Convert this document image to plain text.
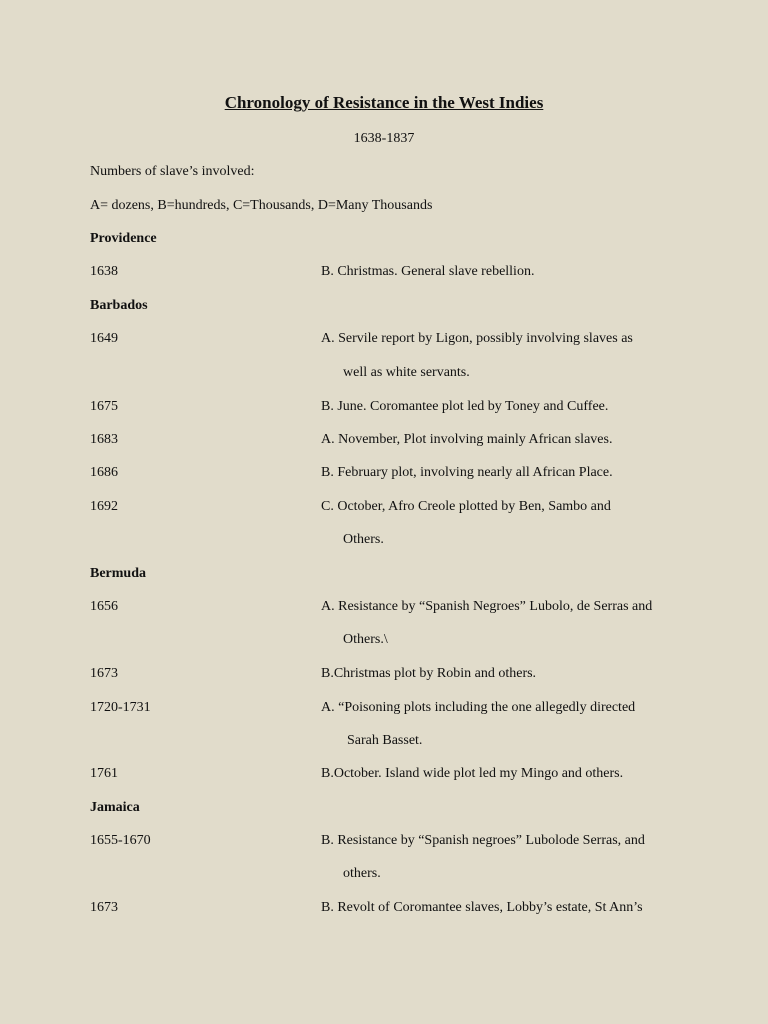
Chronology of Resistance in the West Indies
1638-1837
Numbers of slave’s involved:
A= dozens, B=hundreds, C=Thousands, D=Many Thousands
Providence
1638	B. Christmas. General slave rebellion.
Barbados
1649	A. Servile report by Ligon, possibly involving slaves as
well as white servants.
1675	B. June. Coromantee plot led by Toney and Cuffee.
1683	A. November, Plot involving mainly African slaves.
1686	B. February plot, involving nearly all African Place.
1692	C. October, Afro Creole plotted by Ben, Sambo and
Others.
Bermuda
1656	A. Resistance by “Spanish Negroes” Lubolo, de Serras and
Others.\
1673	B.Christmas plot by Robin and others.
1720-1731	A. “Poisoning plots including the one allegedly directed
Sarah Basset.
1761	B.October. Island wide plot led my Mingo and others.
Jamaica
1655-1670	B. Resistance by “Spanish negroes” Lubolode Serras, and
others.
1673	B. Revolt of Coromantee slaves, Lobby’s estate, St Ann’s
